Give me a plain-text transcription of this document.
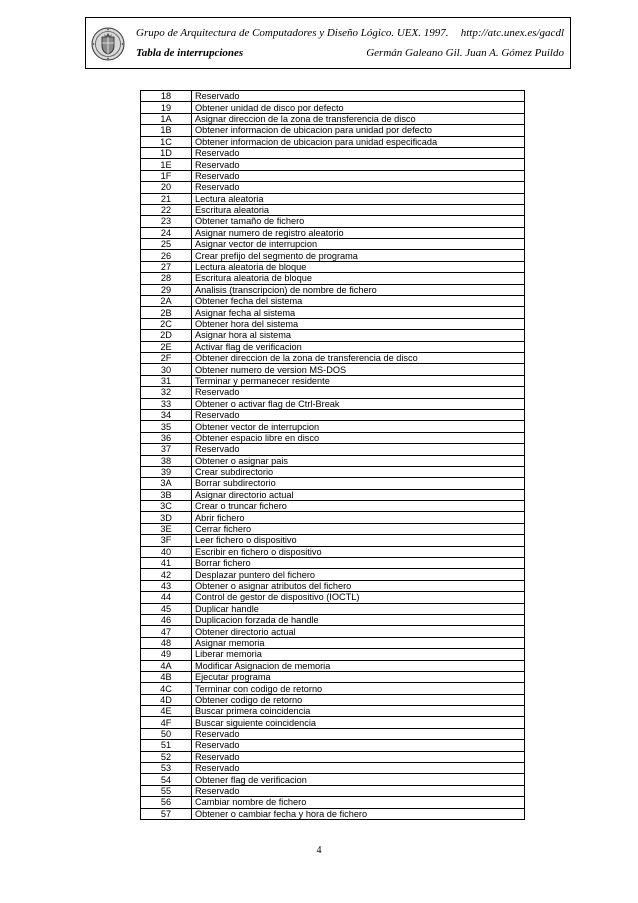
Grupo de Arquitectura de Computadores y Diseño Lógico. UEX. 1997. http://atc.unex.es/gacdl
Tabla de interrupciones	Germán Galeano Gil. Juan A. Gómez Puildo
18	Reservado
19	Obtener unidad de disco por defecto
1A	Asignar direccion de la zona de transferencia de disco
1B	Obtener informacion de ubicacion para unidad por defecto
1C	Obtener informacion de ubicacion para unidad especificada
1D	Reservado
1E	Reservado
1F	Reservado
20	Reservado
21	Lectura aleatoria
22	Escritura aleatoria
23	Obtener tamaño de fichero
24	Asignar numero de registro aleatorio
25	Asignar vector de interrupcion
26	Crear prefijo del segmento de programa
27	Lectura aleatoria de bloque
28	Escritura aleatoria de bloque
29	Analisis (transcripcion) de nombre de fichero
2A	Obtener fecha del sistema
2B	Asignar fecha al sistema
2C	Obtener hora del sistema
2D	Asignar hora al sistema
2E	Activar flag de verificacion
2F	Obtener direccion de la zona de transferencia de disco
30	Obtener numero de version MS-DOS
31	Terminar y permanecer residente
32	Reservado
33	Obtener o activar flag de Ctrl-Break
34	Reservado
35	Obtener vector de interrupcion
36	Obtener espacio libre en disco
37	Reservado
38	Obtener o asignar pais
39	Crear subdirectorio
3A	Borrar subdirectorio
3B	Asignar directorio actual
3C	Crear o truncar fichero
3D	Abrir fichero
3E	Cerrar fichero
3F	Leer fichero o dispositivo
40	Escribir en fichero o dispositivo
41	Borrar fichero
42	Desplazar puntero del fichero
43	Obtener o asignar atributos del fichero
44	Control de gestor de dispositivo (IOCTL)
45	Duplicar handle
46	Duplicacion forzada de handle
47	Obtener directorio actual
48	Asignar memoria
49	Liberar memoria
4A	Modificar Asignacion de memoria
4B	Ejecutar programa
4C	Terminar con codigo de retorno
4D	Obtener codigo de retorno
4E	Buscar primera coincidencia
4F	Buscar siguiente coincidencia
50	Reservado
51	Reservado
52	Reservado
53	Reservado
54	Obtener flag de verificacion
55	Reservado
56	Cambiar nombre de fichero
57	Obtener o cambiar fecha y hora de fichero
4
